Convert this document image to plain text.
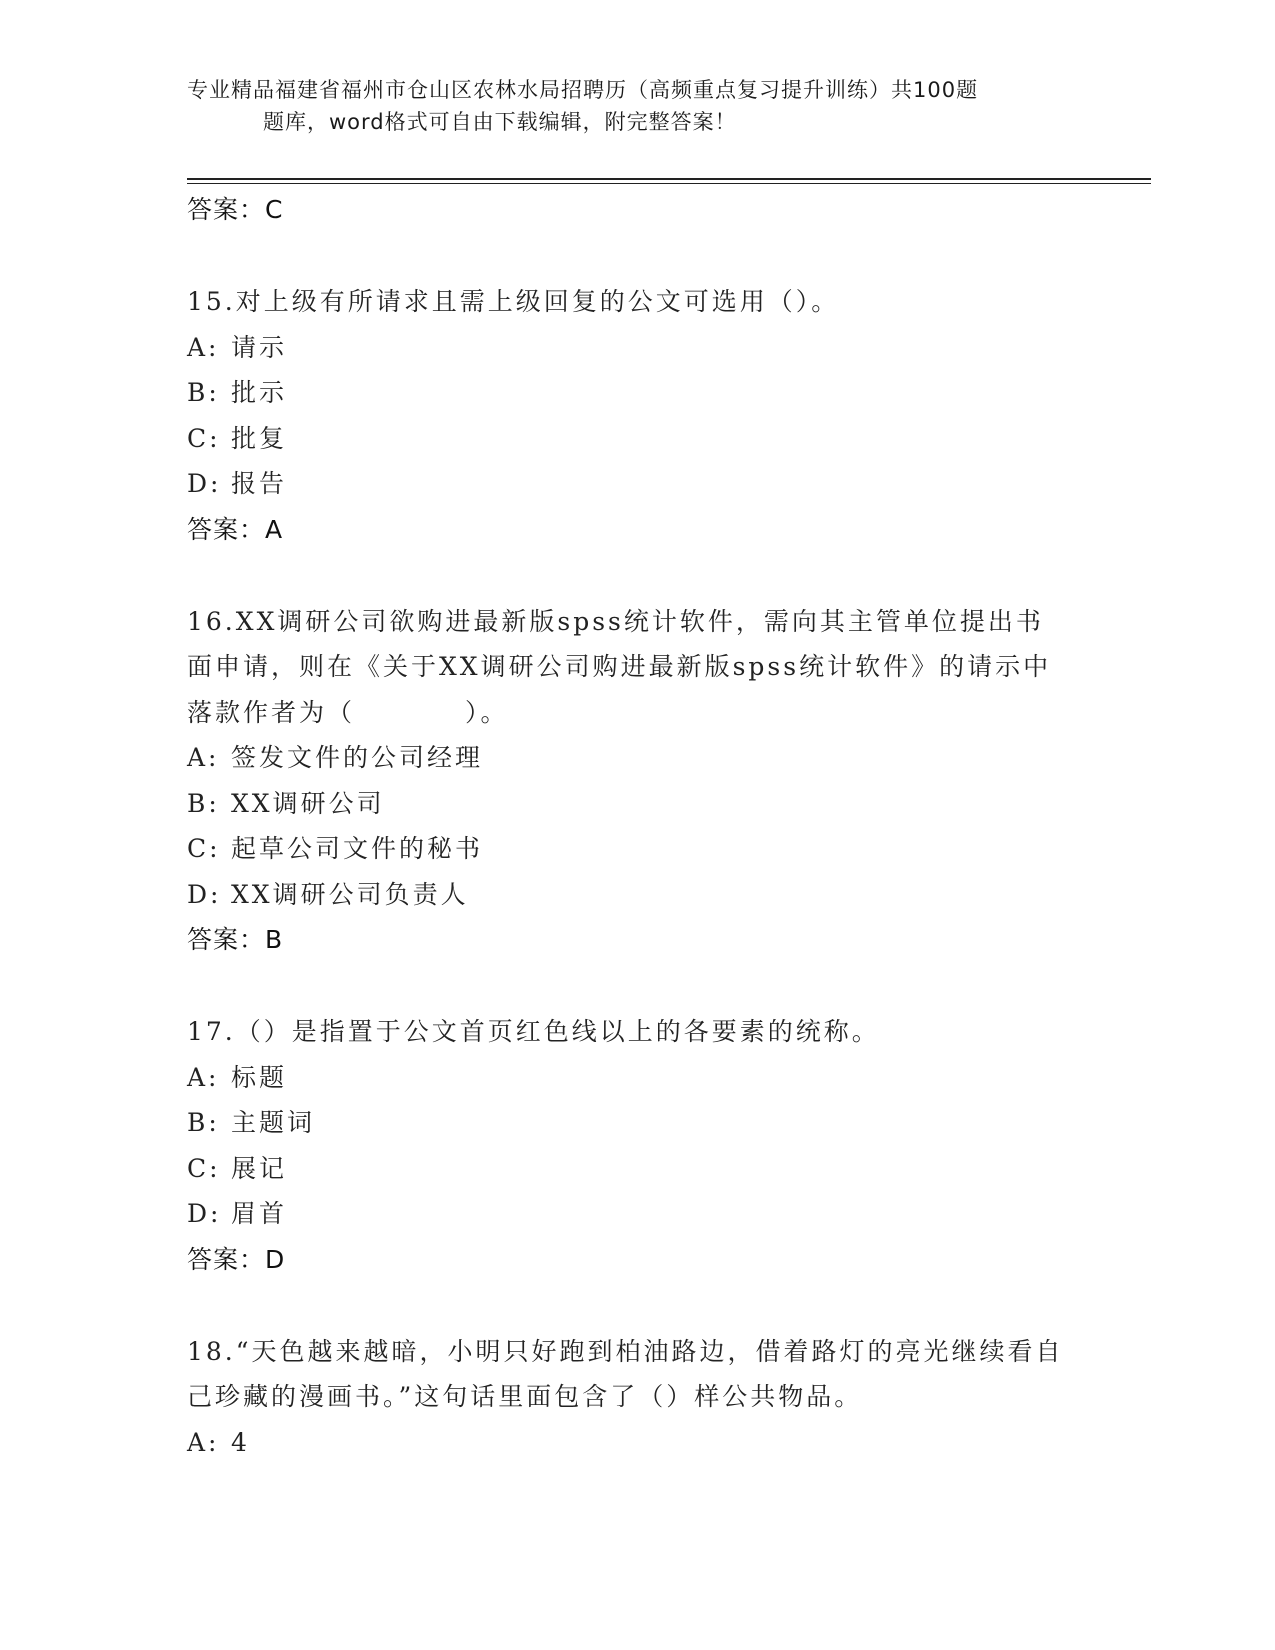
专业精品福建省福州市仓山区农林水局招聘历（高频重点复习提升训练）共100题
题库，word格式可自由下载编辑，附完整答案！
答案：C
15.对上级有所请求且需上级回复的公文可选用（）。
A: 请示
B: 批示
C: 批复
D: 报告
答案：A
16.XX调研公司欲购进最新版spss统计软件，需向其主管单位提出书面申请，则在《关于XX调研公司购进最新版spss统计软件》的请示中落款作者为（	）。
A: 签发文件的公司经理
B: XX调研公司
C: 起草公司文件的秘书
D: XX调研公司负责人
答案：B
17.（）是指置于公文首页红色线以上的各要素的统称。
A: 标题
B: 主题词
C: 展记
D: 眉首
答案：D
18.“天色越来越暗，小明只好跑到柏油路边，借着路灯的亮光继续看自己珍藏的漫画书。”这句话里面包含了（）样公共物品。
A: 4
